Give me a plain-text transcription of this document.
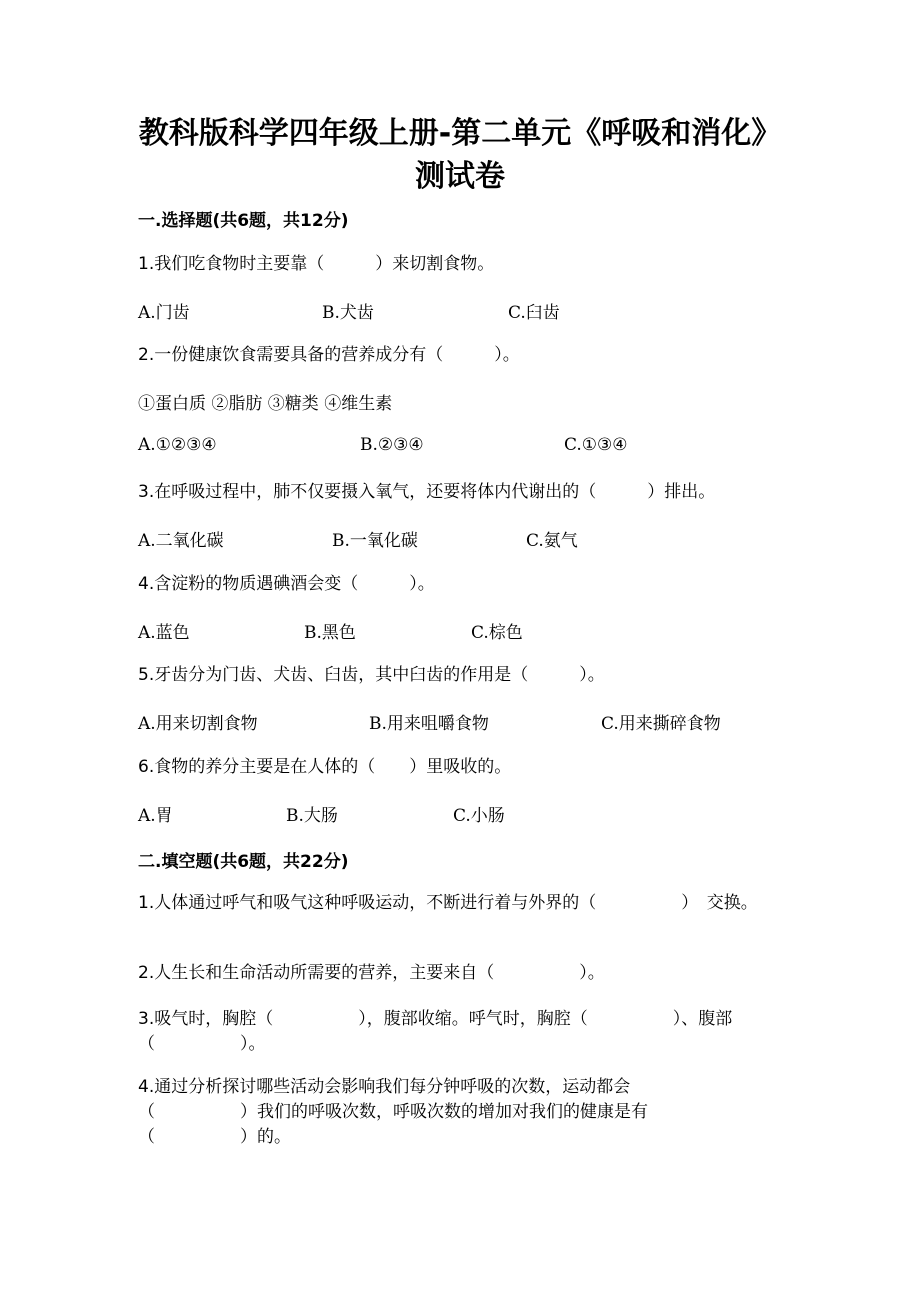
教科版科学四年级上册-第二单元《呼吸和消化》测试卷
一.选择题(共6题，共12分)
1.我们吃食物时主要靠（　　　）来切割食物。
A.门齿	B.犬齿	C.臼齿
2.一份健康饮食需要具备的营养成分有（　　　）。
①蛋白质 ②脂肪 ③糖类 ④维生素
A.①②③④	B.②③④	C.①③④
3.在呼吸过程中，肺不仅要摄入氧气，还要将体内代谢出的（　　　）排出。
A.二氧化碳	B.一氧化碳	C.氨气
4.含淀粉的物质遇碘酒会变（　　　）。
A.蓝色	B.黑色	C.棕色
5.牙齿分为门齿、犬齿、臼齿，其中臼齿的作用是（　　　）。
A.用来切割食物	B.用来咀嚼食物	C.用来撕碎食物
6.食物的养分主要是在人体的（　　）里吸收的。
A.胃	B.大肠	C.小肠
二.填空题(共6题，共22分)
1.人体通过呼气和吸气这种呼吸运动，不断进行着与外界的（　　　　　）　交换。
2.人生长和生命活动所需要的营养，主要来自（　　　　　）。
3.吸气时，胸腔（　　　　　），腹部收缩。呼气时，胸腔（　　　　　）、腹部（　　　　　）。
4.通过分析探讨哪些活动会影响我们每分钟呼吸的次数，运动都会（　　　　　）我们的呼吸次数，呼吸次数的增加对我们的健康是有（　　　　　）的。
